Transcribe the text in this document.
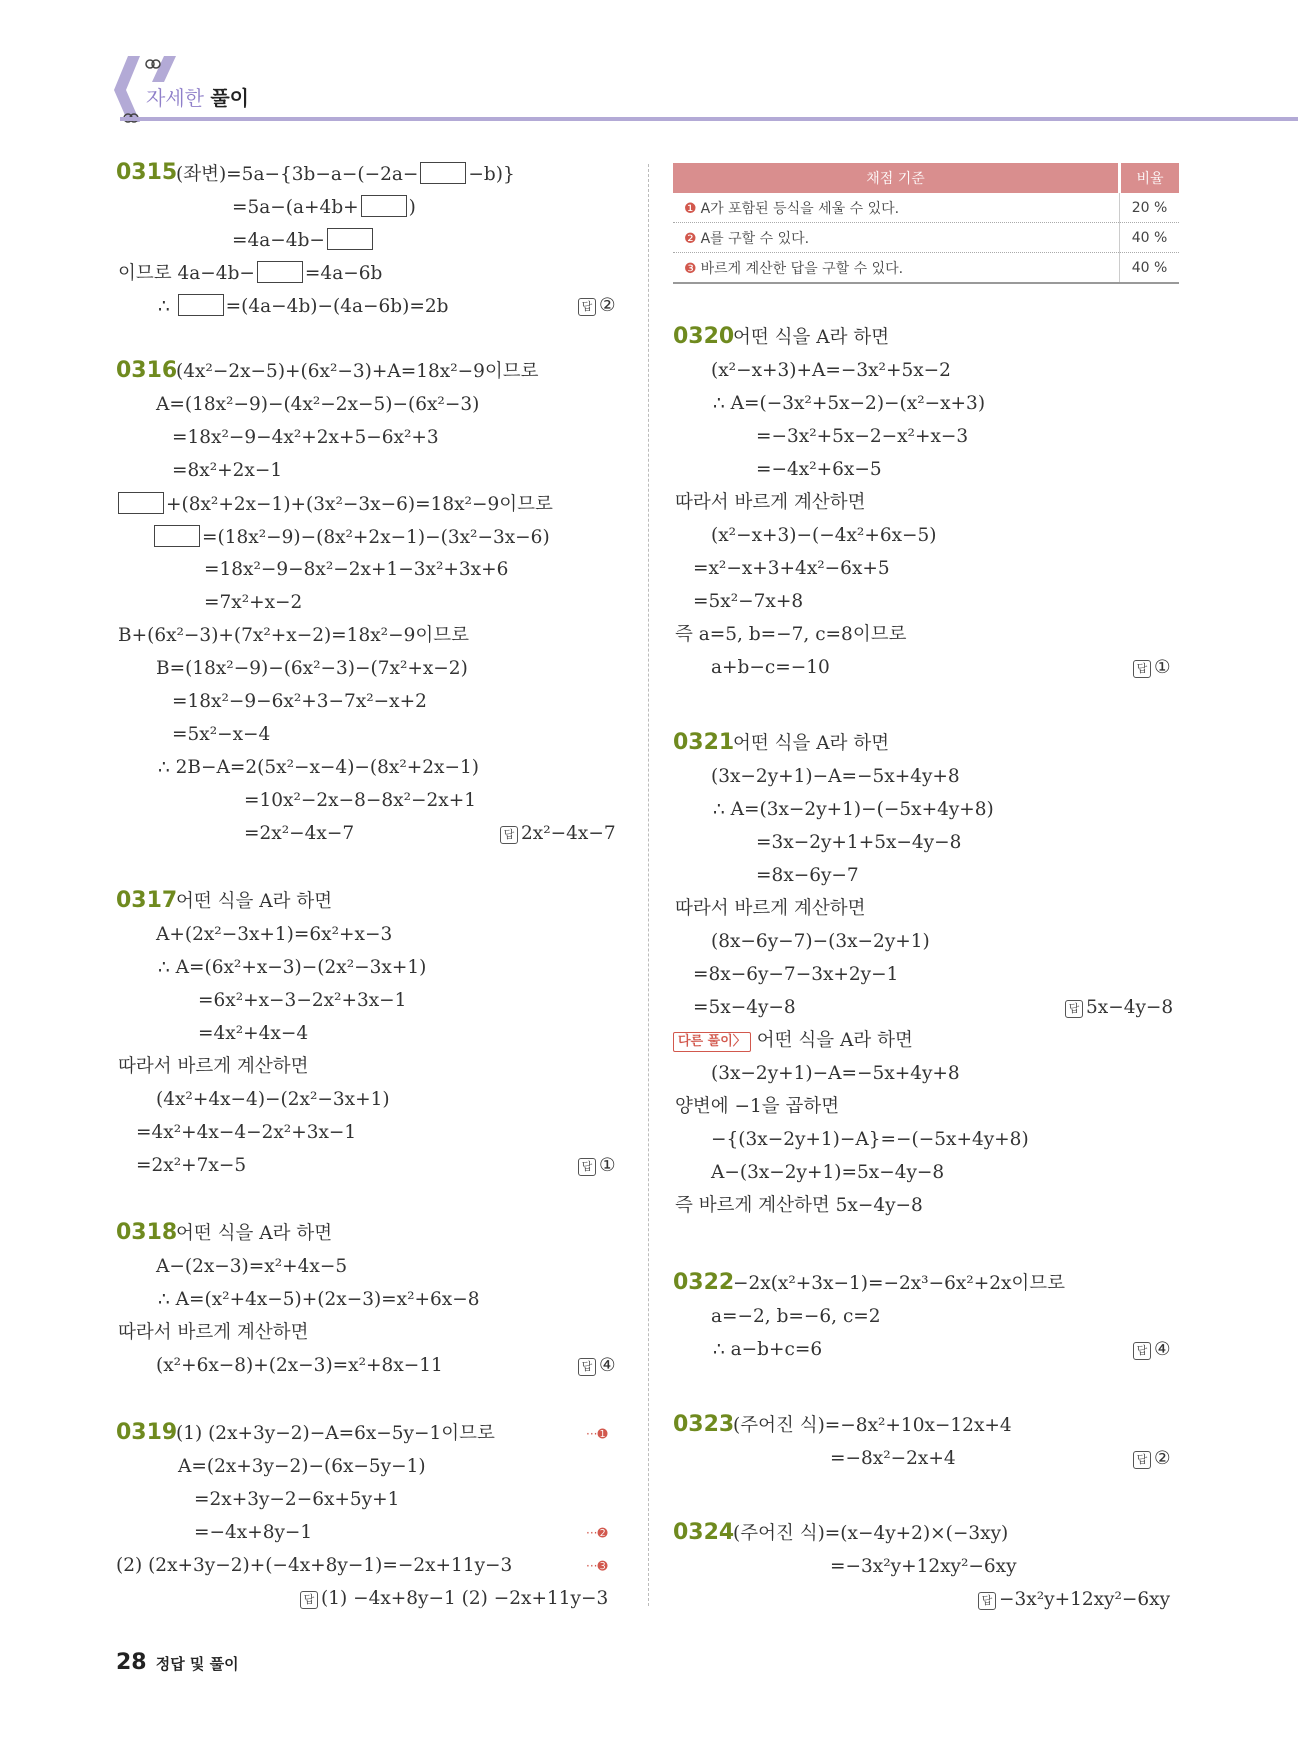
자세한 풀이
0315
(좌변)=5a−{3b−a−(−2a−	−b)}
=5a−(a+4b+	)
=4a−4b−
이므로 4a−4b−	=4a−6b
∴	=(4a−4b)−(4a−6b)=2b	답 ②
0316
(4x²−2x−5)+(6x²−3)+A=18x²−9이므로
A=(18x²−9)−(4x²−2x−5)−(6x²−3)
=18x²−9−4x²+2x+5−6x²+3
=8x²+2x−1
+(8x²+2x−1)+(3x²−3x−6)=18x²−9이므로
=(18x²−9)−(8x²+2x−1)−(3x²−3x−6)
=18x²−9−8x²−2x+1−3x²+3x+6
=7x²+x−2
B+(6x²−3)+(7x²+x−2)=18x²−9이므로
B=(18x²−9)−(6x²−3)−(7x²+x−2)
=18x²−9−6x²+3−7x²−x+2
=5x²−x−4
∴ 2B−A=2(5x²−x−4)−(8x²+2x−1)
=10x²−2x−8−8x²−2x+1
=2x²−4x−7	답 2x²−4x−7
0317
어떤 식을 A라 하면
A+(2x²−3x+1)=6x²+x−3
∴ A=(6x²+x−3)−(2x²−3x+1)
=6x²+x−3−2x²+3x−1
=4x²+4x−4
따라서 바르게 계산하면
(4x²+4x−4)−(2x²−3x+1)
=4x²+4x−4−2x²+3x−1
=2x²+7x−5	답 ①
0318
어떤 식을 A라 하면
A−(2x−3)=x²+4x−5
∴ A=(x²+4x−5)+(2x−3)=x²+6x−8
따라서 바르게 계산하면
(x²+6x−8)+(2x−3)=x²+8x−11	답 ④
0319
(1) (2x+3y−2)−A=6x−5y−1이므로	···➊
A=(2x+3y−2)−(6x−5y−1)
=2x+3y−2−6x+5y+1
=−4x+8y−1	···➋
(2) (2x+3y−2)+(−4x+8y−1)=−2x+11y−3	···➌
답 (1) −4x+8y−1 (2) −2x+11y−3
채점 기준	비율
❶ A가 포함된 등식을 세울 수 있다.	20 %
❷ A를 구할 수 있다.	40 %
❸ 바르게 계산한 답을 구할 수 있다.	40 %
0320
어떤 식을 A라 하면
(x²−x+3)+A=−3x²+5x−2
∴ A=(−3x²+5x−2)−(x²−x+3)
=−3x²+5x−2−x²+x−3
=−4x²+6x−5
따라서 바르게 계산하면
(x²−x+3)−(−4x²+6x−5)
=x²−x+3+4x²−6x+5
=5x²−7x+8
즉 a=5, b=−7, c=8이므로
a+b−c=−10	답 ①
0321
어떤 식을 A라 하면
(3x−2y+1)−A=−5x+4y+8
∴ A=(3x−2y+1)−(−5x+4y+8)
=3x−2y+1+5x−4y−8
=8x−6y−7
따라서 바르게 계산하면
(8x−6y−7)−(3x−2y+1)
=8x−6y−7−3x+2y−1
=5x−4y−8	답 5x−4y−8
다른 풀이〉 어떤 식을 A라 하면
(3x−2y+1)−A=−5x+4y+8
양변에 −1을 곱하면
−{(3x−2y+1)−A}=−(−5x+4y+8)
A−(3x−2y+1)=5x−4y−8
즉 바르게 계산하면 5x−4y−8
0322
−2x(x²+3x−1)=−2x³−6x²+2x이므로
a=−2, b=−6, c=2
∴ a−b+c=6	답 ④
0323
(주어진 식)=−8x²+10x−12x+4
=−8x²−2x+4	답 ②
0324
(주어진 식)=(x−4y+2)×(−3xy)
=−3x²y+12xy²−6xy
답 −3x²y+12xy²−6xy
28 정답 및 풀이
